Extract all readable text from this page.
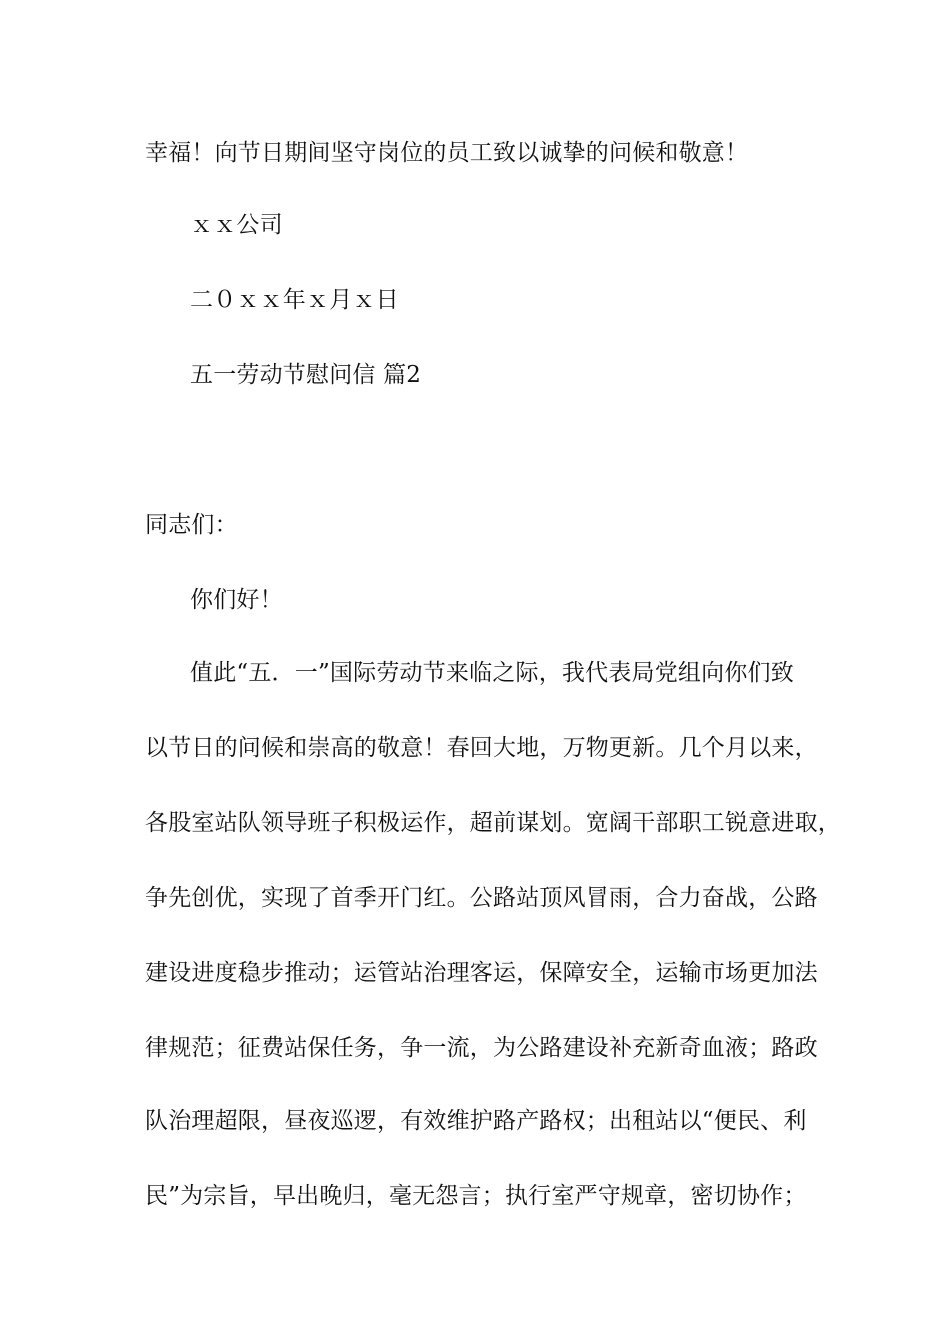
幸福！向节日期间坚守岗位的员工致以诚挚的问候和敬意！
ｘｘ公司
二０ｘｘ年ｘ月ｘ日
五一劳动节慰问信 篇2
同志们：
你们好！
值此“五．一”国际劳动节来临之际，我代表局党组向你们致
以节日的问候和崇高的敬意！春回大地，万物更新。几个月以来，
各股室站队领导班子积极运作，超前谋划。宽阔干部职工锐意进取，
争先创优，实现了首季开门红。公路站顶风冒雨，合力奋战，公路
建设进度稳步推动；运管站治理客运，保障安全，运输市场更加法
律规范；征费站保任务，争一流，为公路建设补充新奇血液；路政
队治理超限，昼夜巡逻，有效维护路产路权；出租站以“便民、利
民”为宗旨，早出晚归，毫无怨言；执行室严守规章，密切协作；
